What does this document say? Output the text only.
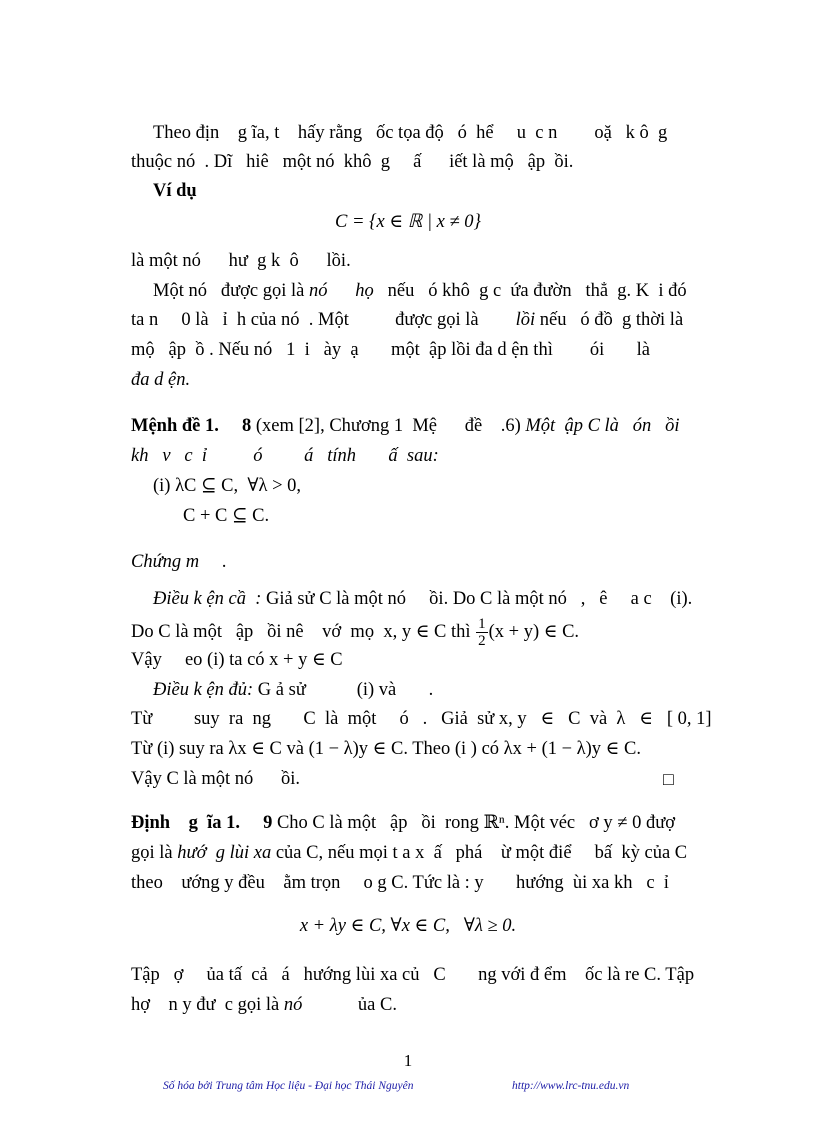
Theo địn    g ĩa, t    hấy rằng   ốc tọa độ   ó  hể     u  c n        oặ   k ô  g
thuộc nó  . Dĩ   hiê   một nó  khô  g     ấ      iết là mộ   ập  ồi.
Ví dụ
C = {x ∈ ℝ | x ≠ 0}
là một nó      hư  g k  ô      lồi.
Một nó   được gọi là nó      họ   nếu   ó khô  g c  ứa đườn   thẳ  g. K  i đó
ta n     0 là   ỉ  h của nó  . Một          được gọi là        lồi nếu   ó đồ  g thời là
mộ   ập  ồ . Nếu nó   1  i   ày  ạ       một  ập lồi đa d ện thì        ói       là
đa d ện.
Mệnh đề 1.     8 (xem [2], Chương 1  Mệ      đề    .6) Một  ập C là   ón   ồi
kh   v   c  ỉ          ó         á   tính       ấ  sau:
(i) λC ⊆ C,  ∀λ > 0,
C + C ⊆ C.
Chứng m     .
Điều k ện cầ  : Giả sử C là một nó     ồi. Do C là một nó   ,   ê     a c    (i).
Do C là một   ập   ồi nê    vớ  mọ  x, y ∈ C thì $\frac{1}{2} (x + y)$ ∈ C.
Vậy     eo (i) ta có x + y ∈ C
Điều k ện đủ: G ả sử           (i) và       .
Từ         suy  ra  ng       C  là  một     ó   .   Giả  sử x, y   ∈   C  và  λ   ∈   [ 0, 1]
Từ (i) suy ra λx ∈ C và (1 − λ)y ∈ C. Theo (i ) có λx + (1 − λ)y ∈ C.
Vậy C là một nó      ồi.	□
Định    g  ĩa 1.     9 Cho C là một   ập   ồi  rong ℝⁿ. Một véc   ơ y ≠ 0 đượ
gọi là hướ  g lùi xa của C, nếu mọi t a x  ấ   phá    ừ một điể     bấ  kỳ của C
theo    ướng y đều    ằm trọn     o g C. Tức là : y       hướng  ùi xa kh   c  ỉ
x + λy ∈ C, ∀x ∈ C,   ∀λ ≥ 0.
Tập   ợ     ủa tấ  cả   á   hướng lùi xa củ   C       ng với đ ểm    ốc là re C. Tập
hợ    n y đư  c gọi là nó            ủa C.
1
Số hóa bởi Trung tâm Học liệu - Đại học Thái Nguyên	http://www.lrc-tnu.edu.vn
